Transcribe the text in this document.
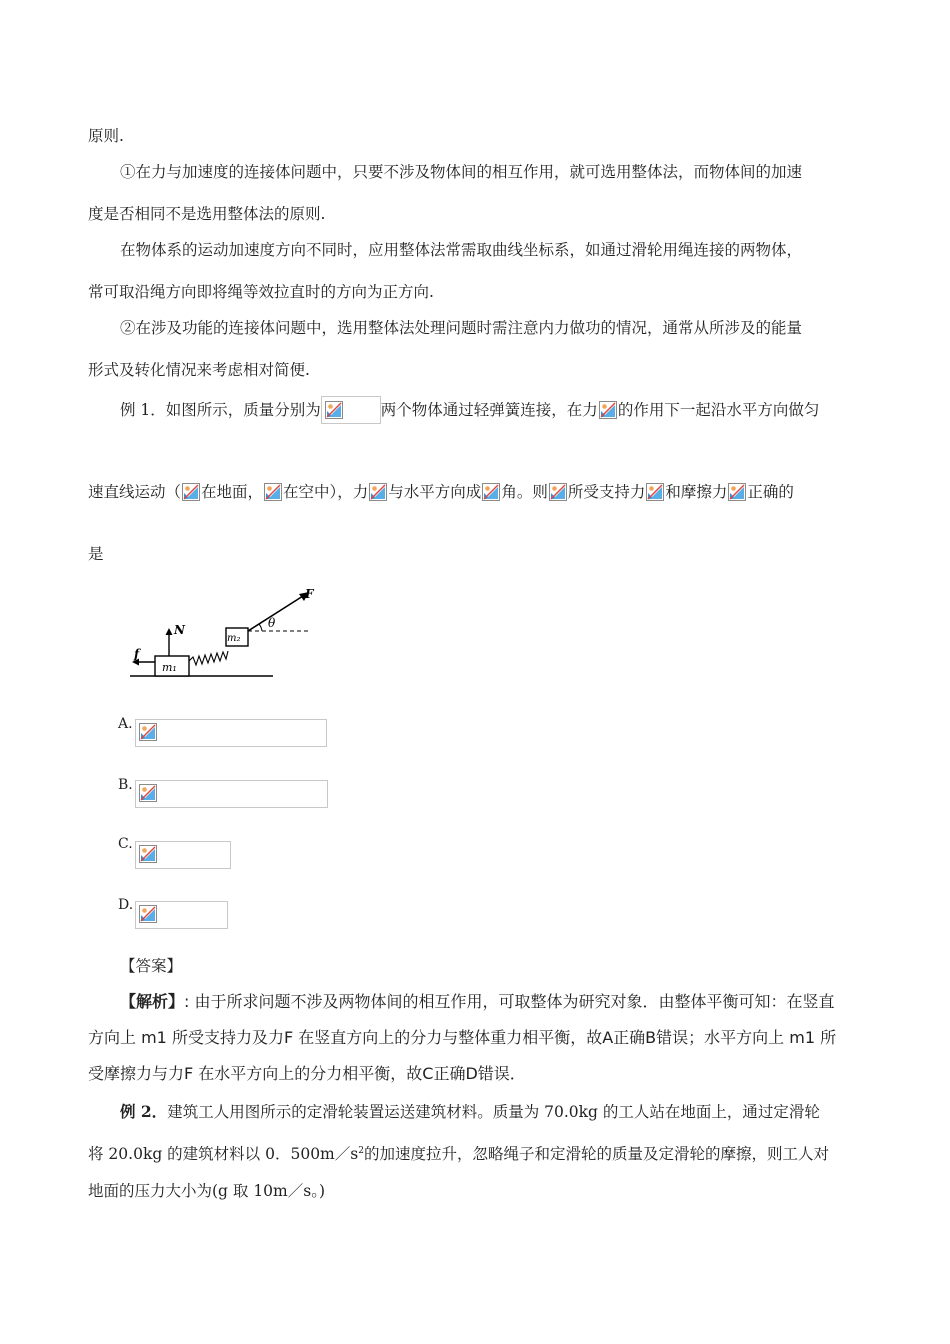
原则.
①在力与加速度的连接体问题中，只要不涉及物体间的相互作用，就可选用整体法，而物体间的加速
度是否相同不是选用整体法的原则.
在物体系的运动加速度方向不同时，应用整体法常需取曲线坐标系，如通过滑轮用绳连接的两物体，
常可取沿绳方向即将绳等效拉直时的方向为正方向.
②在涉及功能的连接体问题中，选用整体法处理问题时需注意内力做功的情况，通常从所涉及的能量
形式及转化情况来考虑相对简便.
例 1．如图所示，质量分别为	两个物体通过轻弹簧连接，在力 的作用下一起沿水平方向做匀
速直线运动（ 在地面， 在空中），力 与水平方向成 角。则 所受支持力 和摩擦力 正确的
是
m₁
f
N
m₂
F
θ
A.
B.
C.
D.
【答案】
【解析】: 由于所求问题不涉及两物体间的相互作用，可取整体为研究对象．由整体平衡可知：在竖直
方向上 m1 所受支持力及力F 在竖直方向上的分力与整体重力相平衡，故A正确B错误；水平方向上 m1 所
受摩擦力与力F 在水平方向上的分力相平衡，故C正确D错误．
例 2．建筑工人用图所示的定滑轮装置运送建筑材料。质量为 70.0kg 的工人站在地面上，通过定滑轮
将 20.0kg 的建筑材料以 0．$500m/s^2$的加速度拉升，忽略绳子和定滑轮的质量及定滑轮的摩擦，则工人对
地面的压力大小为(g 取 10m／s。)
